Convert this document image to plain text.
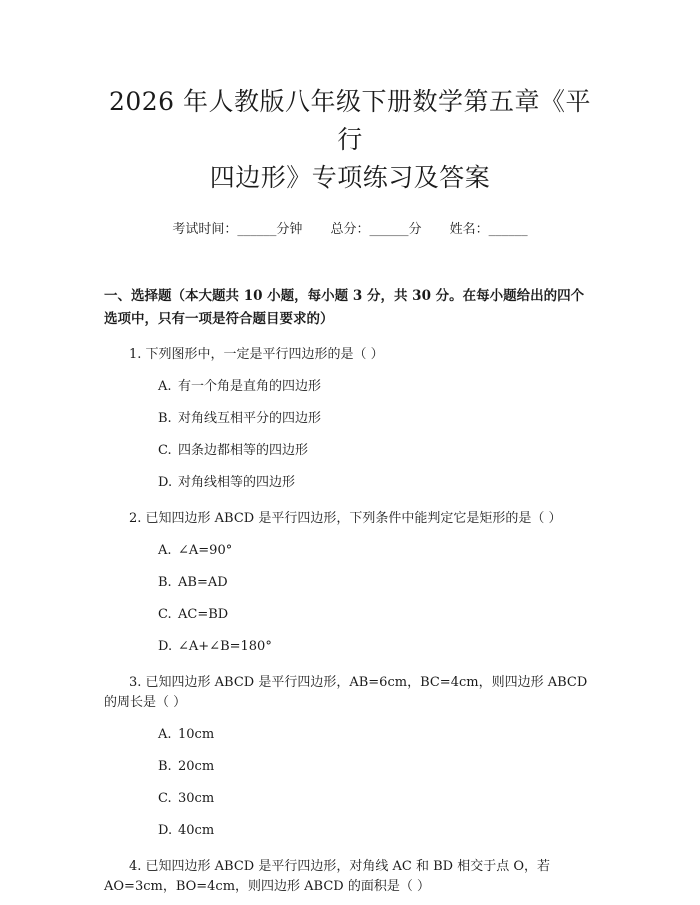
2026 年人教版八年级下册数学第五章《平行
四边形》专项练习及答案
考试时间：______分钟 总分：______分 姓名：______
一、选择题（本大题共 10 小题，每小题 3 分，共 30 分。在每小题给出的四个选项中，只有一项是符合题目要求的）
1. 下列图形中，一定是平行四边形的是（ ）
A. 有一个角是直角的四边形
B. 对角线互相平分的四边形
C. 四条边都相等的四边形
D. 对角线相等的四边形
2. 已知四边形 ABCD 是平行四边形，下列条件中能判定它是矩形的是（ ）
A. ∠A=90°
B. AB=AD
C. AC=BD
D. ∠A+∠B=180°
3. 已知四边形 ABCD 是平行四边形，AB=6cm，BC=4cm，则四边形 ABCD 的周长是（ ）
A. 10cm
B. 20cm
C. 30cm
D. 40cm
4. 已知四边形 ABCD 是平行四边形，对角线 AC 和 BD 相交于点 O，若 AO=3cm，BO=4cm，则四边形 ABCD 的面积是（ ）
